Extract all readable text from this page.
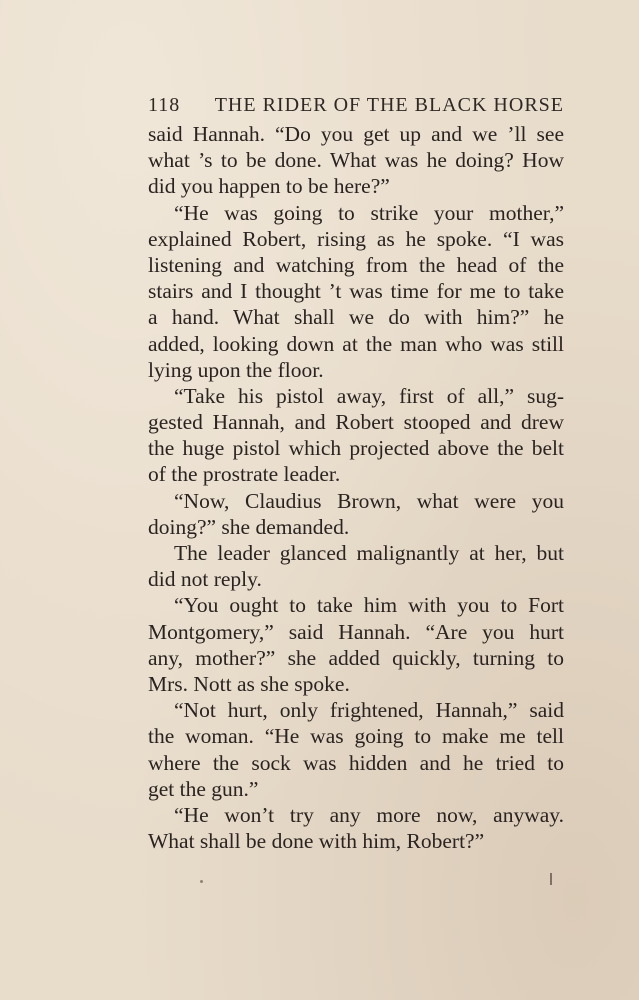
118 THE RIDER OF THE BLACK HORSE
said Hannah. “Do you get up and we ’ll see
what ’s to be done. What was he doing? How
did you happen to be here?”
“He was going to strike your mother,”
explained Robert, rising as he spoke. “I was
listening and watching from the head of the
stairs and I thought ’t was time for me to take
a hand. What shall we do with him?” he
added, looking down at the man who was still
lying upon the floor.
“Take his pistol away, first of all,” sug-
gested Hannah, and Robert stooped and drew
the huge pistol which projected above the belt
of the prostrate leader.
“Now, Claudius Brown, what were you
doing?” she demanded.
The leader glanced malignantly at her, but
did not reply.
“You ought to take him with you to Fort
Montgomery,” said Hannah. “Are you hurt
any, mother?” she added quickly, turning to
Mrs. Nott as she spoke.
“Not hurt, only frightened, Hannah,” said
the woman. “He was going to make me tell
where the sock was hidden and he tried to
get the gun.”
“He won’t try any more now, anyway.
What shall be done with him, Robert?”
